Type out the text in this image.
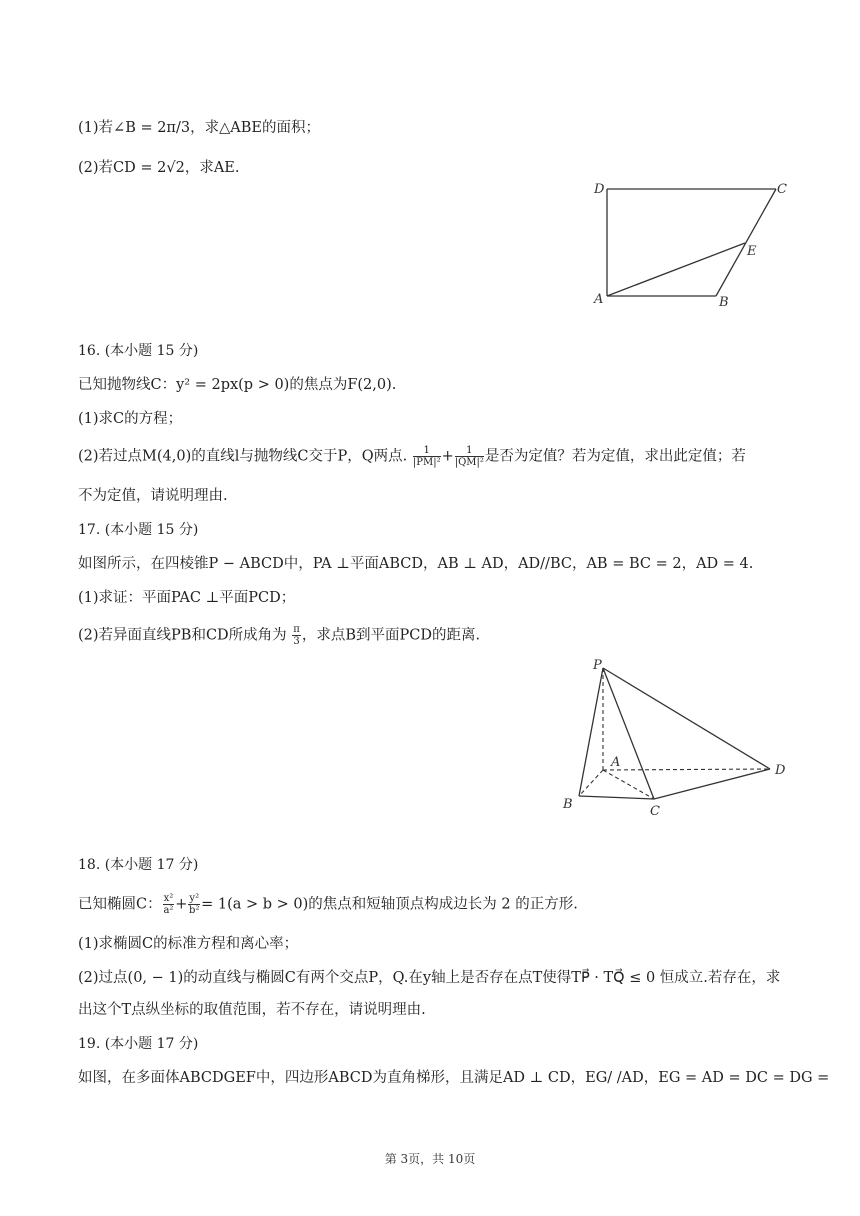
(1)若∠B = 2π/3，求△ABE的面积；
(2)若CD = 2√2，求AE.
D	C
E
A	B
16. (本小题 15 分)
已知抛物线C：y² = 2px(p > 0)的焦点为F(2,0).
(1)求C的方程；
(2)若过点M(4,0)的直线l与抛物线C交于P，Q两点. $\frac{1}{\text{|PM|²}} + \frac{1}{\text{|QM|²}}$ 是否为定值？若为定值，求出此定值；若
不为定值，请说明理由.
17. (本小题 15 分)
如图所示，在四棱锥P − ABCD中，PA ⊥平面ABCD，AB ⊥ AD，AD//BC，AB = BC = 2，AD = 4.
(1)求证：平面PAC ⊥平面PCD；
(2)若异面直线PB和CD所成角为 $\frac{\pi}{3}$ ，求点B到平面PCD的距离.
P
A
D
B	C
18. (本小题 17 分)
已知椭圆C： $\frac{\text{x²}}{\text{a²}} + \frac{\text{y²}}{\text{b²}} = 1(a > b > 0)$的焦点和短轴顶点构成边长为 2 的正方形.
(1)求椭圆C的标准方程和离心率；
(2)过点(0, − 1)的动直线与椭圆C有两个交点P，Q.在y轴上是否存在点T使得TP⃗ · TQ⃗ ≤ 0 恒成立.若存在，求
出这个T点纵坐标的取值范围，若不存在，请说明理由.
19. (本小题 17 分)
如图，在多面体ABCDGEF中，四边形ABCD为直角梯形，且满足AD ⊥ CD，EG/ /AD，EG = AD = DC = DG =
第 3页，共 10页
